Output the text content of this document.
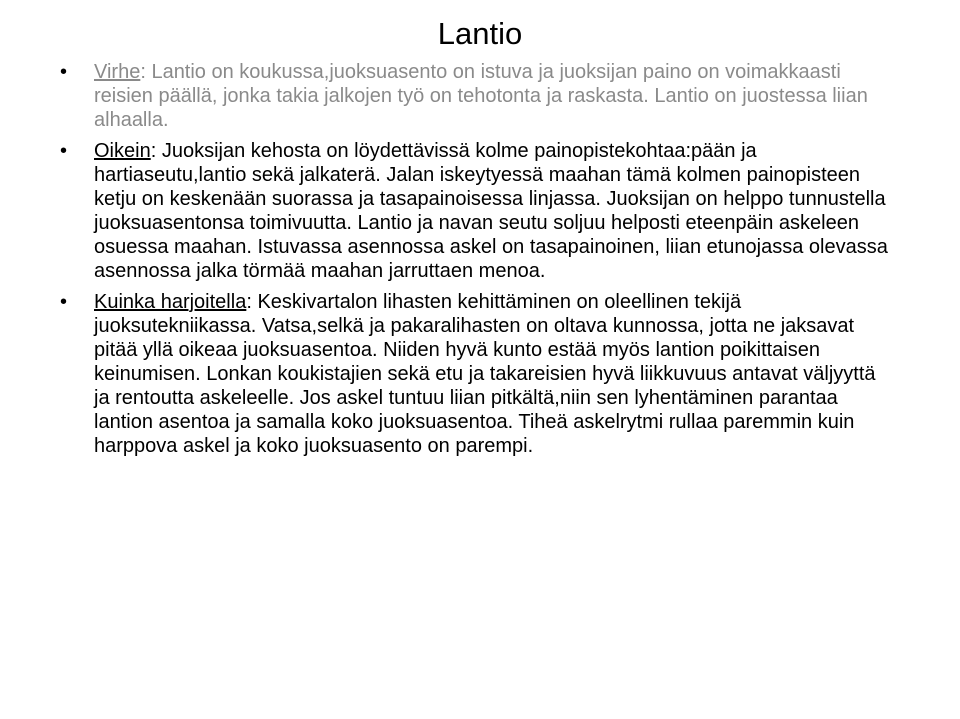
Lantio
• Virhe: Lantio on koukussa,juoksuasento on istuva ja juoksijan paino on voimakkaasti reisien päällä, jonka takia jalkojen työ on tehotonta ja raskasta. Lantio on juostessa liian alhaalla.
• Oikein: Juoksijan kehosta on löydettävissä kolme painopistekohtaa:pään ja hartiaseutu,lantio sekä jalkaterä. Jalan iskeytyessä maahan tämä kolmen painopisteen ketju on keskenään suorassa ja tasapainoisessa linjassa. Juoksijan on helppo tunnustella juoksuasentonsa toimivuutta. Lantio ja navan seutu soljuu helposti eteenpäin askeleen osuessa maahan. Istuvassa asennossa askel on tasapainoinen, liian etunojassa olevassa asennossa jalka törmää maahan jarruttaen menoa.
• Kuinka harjoitella: Keskivartalon lihasten kehittäminen on oleellinen tekijä juoksutekniikassa. Vatsa,selkä ja pakaralihasten on oltava kunnossa, jotta ne jaksavat pitää yllä oikeaa juoksuasentoa. Niiden hyvä kunto estää myös lantion poikittaisen keinumisen. Lonkan koukistajien sekä etu ja takareisien hyvä liikkuvuus antavat väljyyttä ja rentoutta askeleelle. Jos askel tuntuu liian pitkältä,niin sen lyhentäminen parantaa lantion asentoa ja samalla koko juoksuasentoa. Tiheä askelrytmi rullaa paremmin kuin harppova askel ja koko juoksuasento on parempi.
